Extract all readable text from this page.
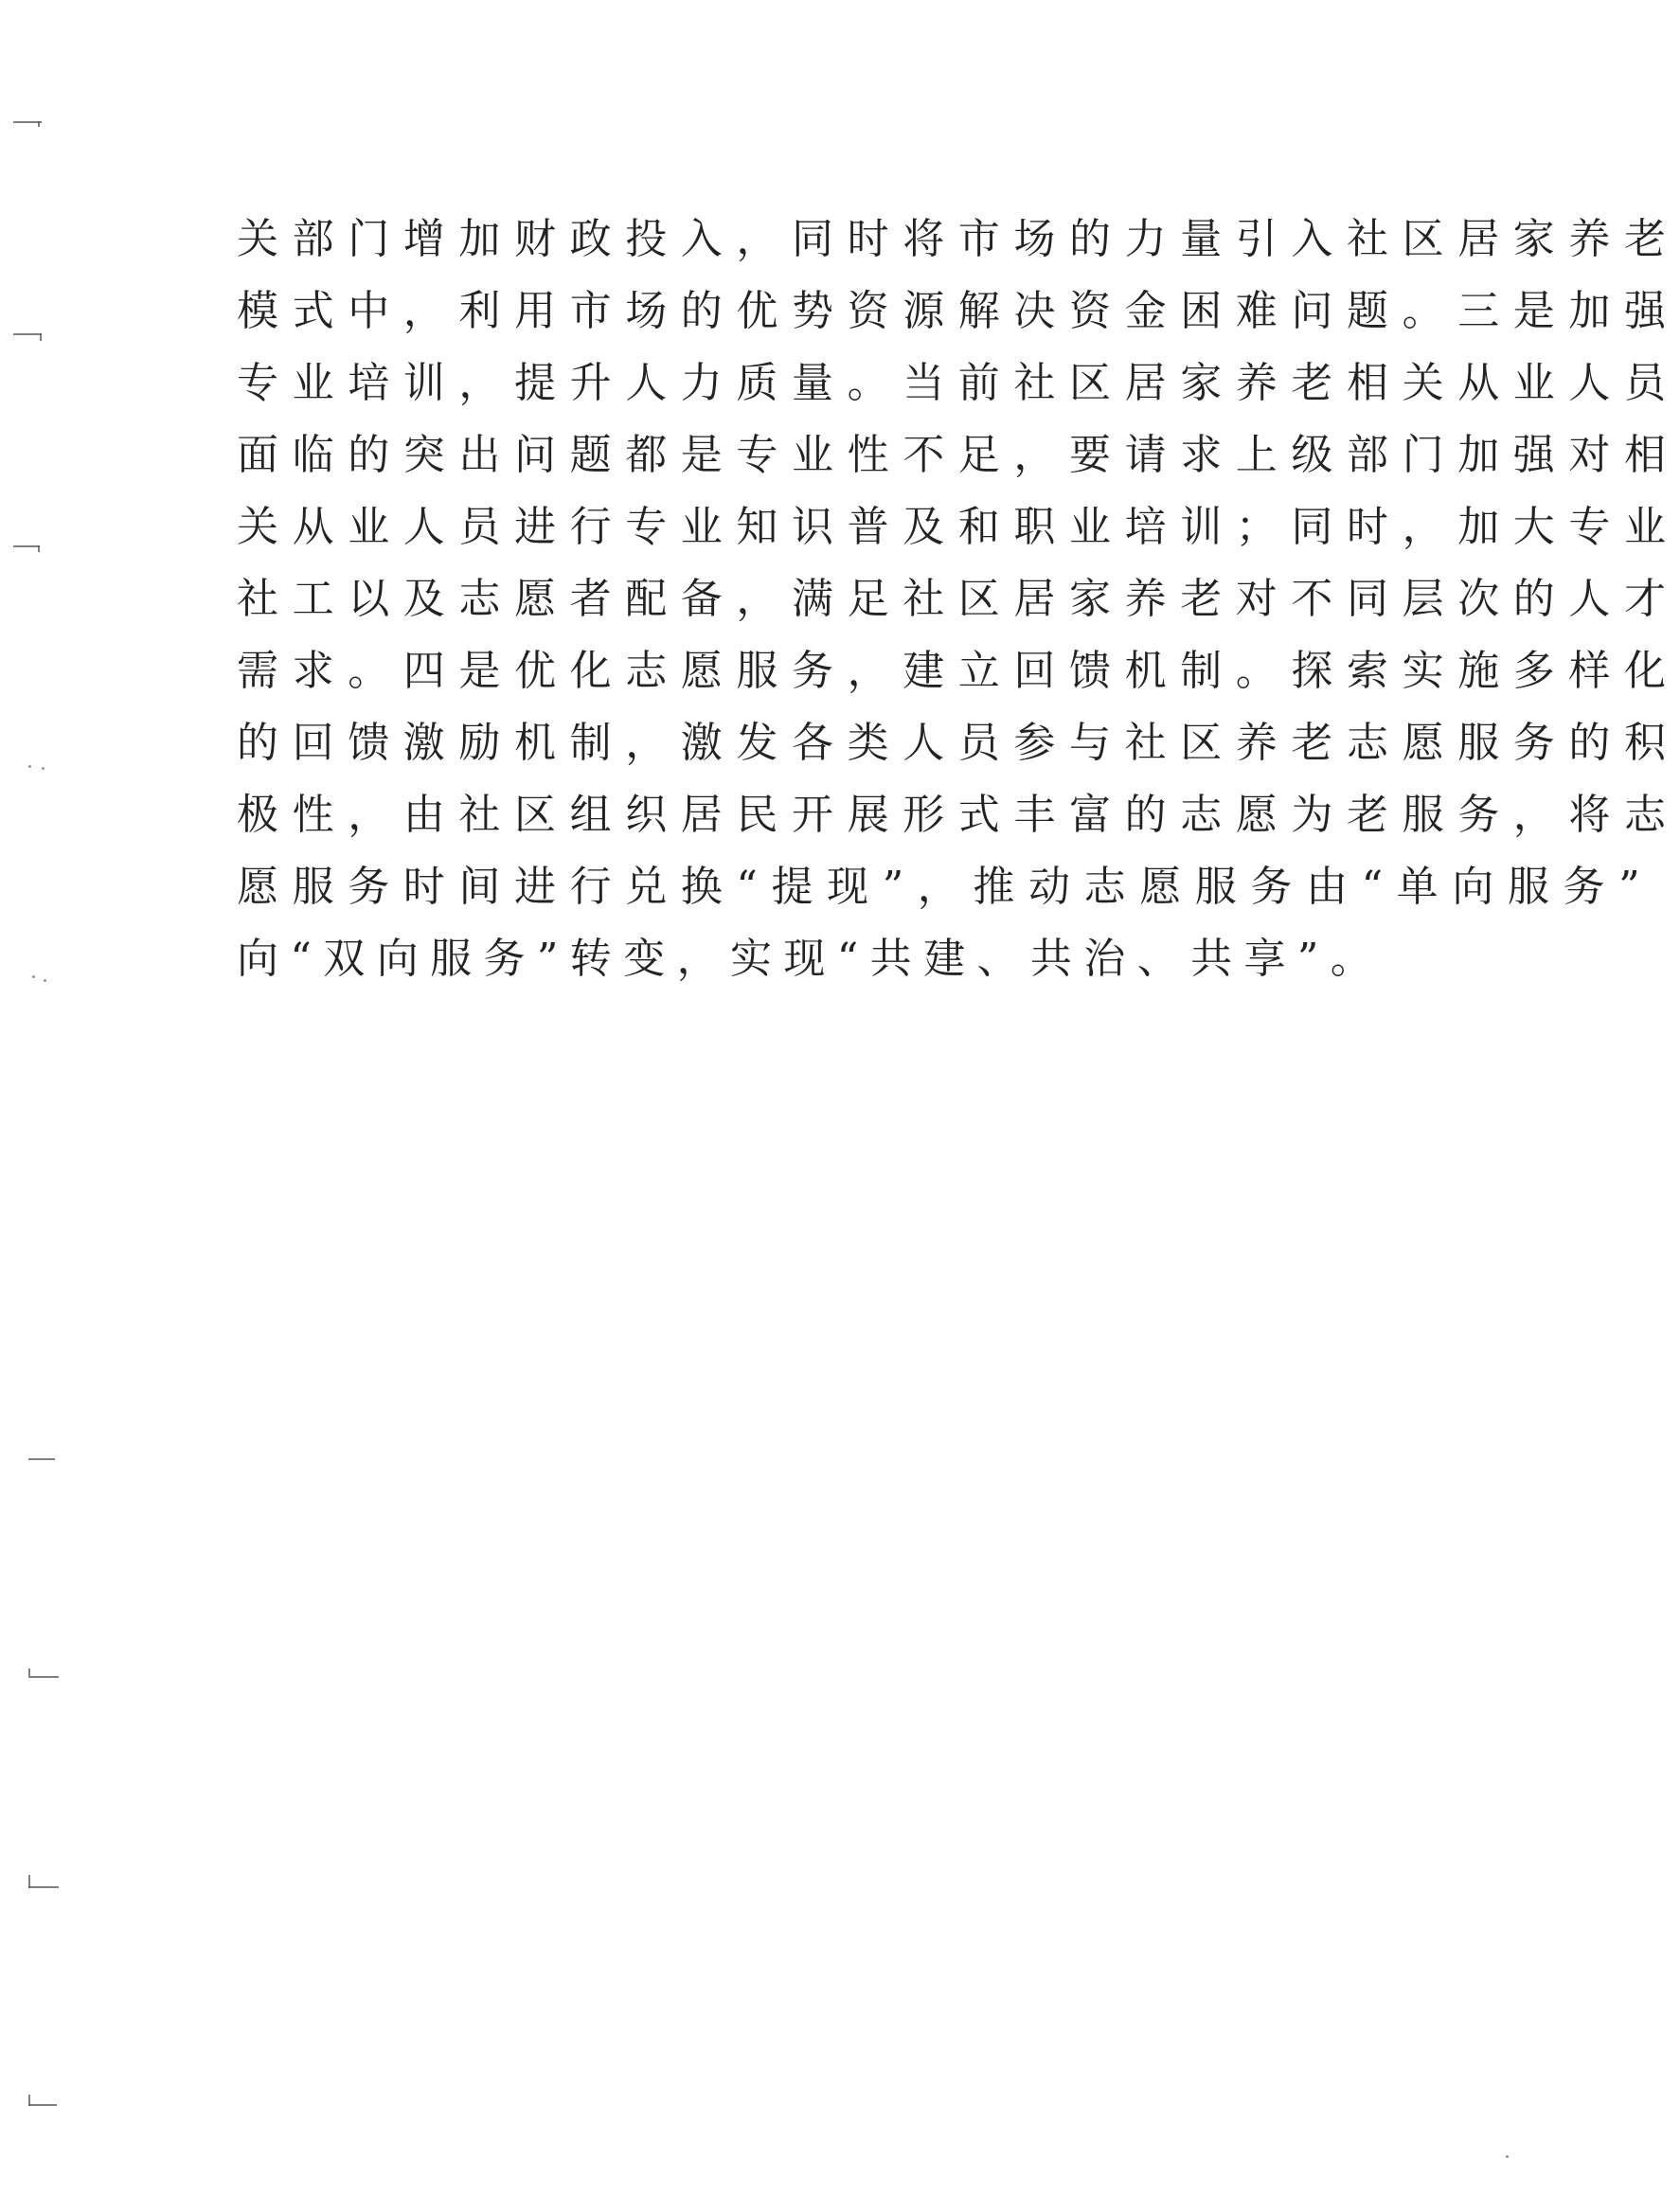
关部门增加财政投入，同时将市场的力量引入社区居家养老
模式中，利用市场的优势资源解决资金困难问题。三是加强
专业培训，提升人力质量。当前社区居家养老相关从业人员
面临的突出问题都是专业性不足，要请求上级部门加强对相
关从业人员进行专业知识普及和职业培训；同时，加大专业
社工以及志愿者配备，满足社区居家养老对不同层次的人才
需求。四是优化志愿服务，建立回馈机制。探索实施多样化
的回馈激励机制，激发各类人员参与社区养老志愿服务的积
极性，由社区组织居民开展形式丰富的志愿为老服务，将志
愿服务时间进行兑换“提现”，推动志愿服务由“单向服务”
向“双向服务”转变，实现“共建、共治、共享”。
